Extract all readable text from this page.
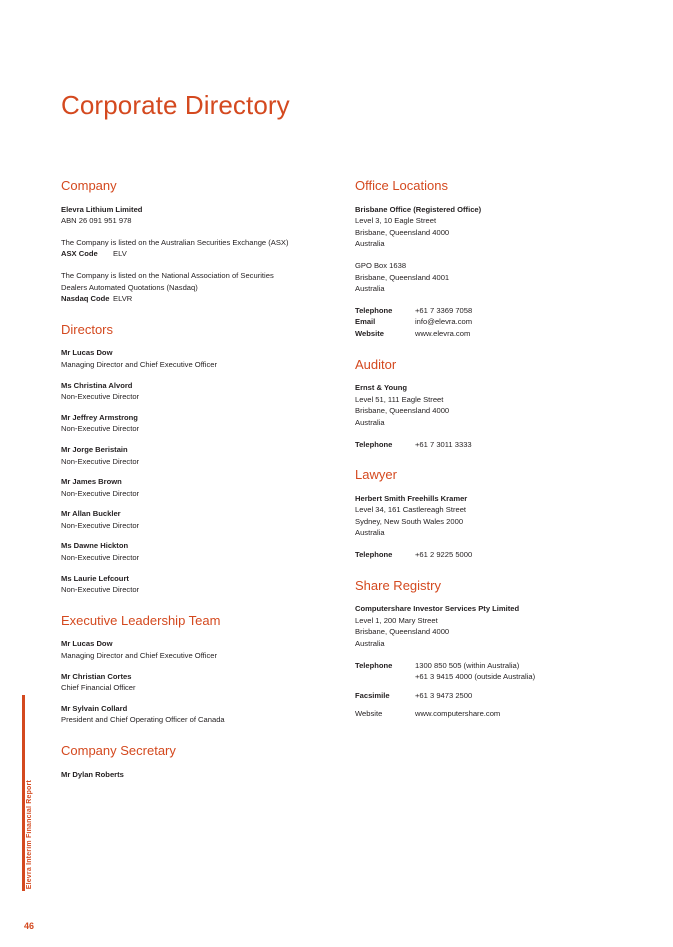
Corporate Directory
Company
Elevra Lithium Limited
ABN 26 091 951 978
The Company is listed on the Australian Securities Exchange (ASX)
ASX Code	ELV
The Company is listed on the National Association of Securities
Dealers Automated Quotations (Nasdaq)
Nasdaq Code ELVR
Directors
Mr Lucas Dow
Managing Director and Chief Executive Officer
Ms Christina Alvord
Non-Executive Director
Mr Jeffrey Armstrong
Non-Executive Director
Mr Jorge Beristain
Non-Executive Director
Mr James Brown
Non-Executive Director
Mr Allan Buckler
Non-Executive Director
Ms Dawne Hickton
Non-Executive Director
Ms Laurie Lefcourt
Non-Executive Director
Executive Leadership Team
Mr Lucas Dow
Managing Director and Chief Executive Officer
Mr Christian Cortes
Chief Financial Officer
Mr Sylvain Collard
President and Chief Operating Officer of Canada
Company Secretary
Mr Dylan Roberts
Office Locations
Brisbane Office (Registered Office)
Level 3, 10 Eagle Street
Brisbane, Queensland 4000
Australia
GPO Box 1638
Brisbane, Queensland 4001
Australia
Telephone	+61 7 3369 7058
Email	info@elevra.com
Website	www.elevra.com
Auditor
Ernst & Young
Level 51, 111 Eagle Street
Brisbane, Queensland 4000
Australia
Telephone	+61 7 3011 3333
Lawyer
Herbert Smith Freehills Kramer
Level 34, 161 Castlereagh Street
Sydney, New South Wales 2000
Australia
Telephone	+61 2 9225 5000
Share Registry
Computershare Investor Services Pty Limited
Level 1, 200 Mary Street
Brisbane, Queensland 4000
Australia
Telephone	1300 850 505 (within Australia)
+61 3 9415 4000 (outside Australia)
Facsimile	+61 3 9473 2500
Website	www.computershare.com
Elevra Interim Financial Report
46
